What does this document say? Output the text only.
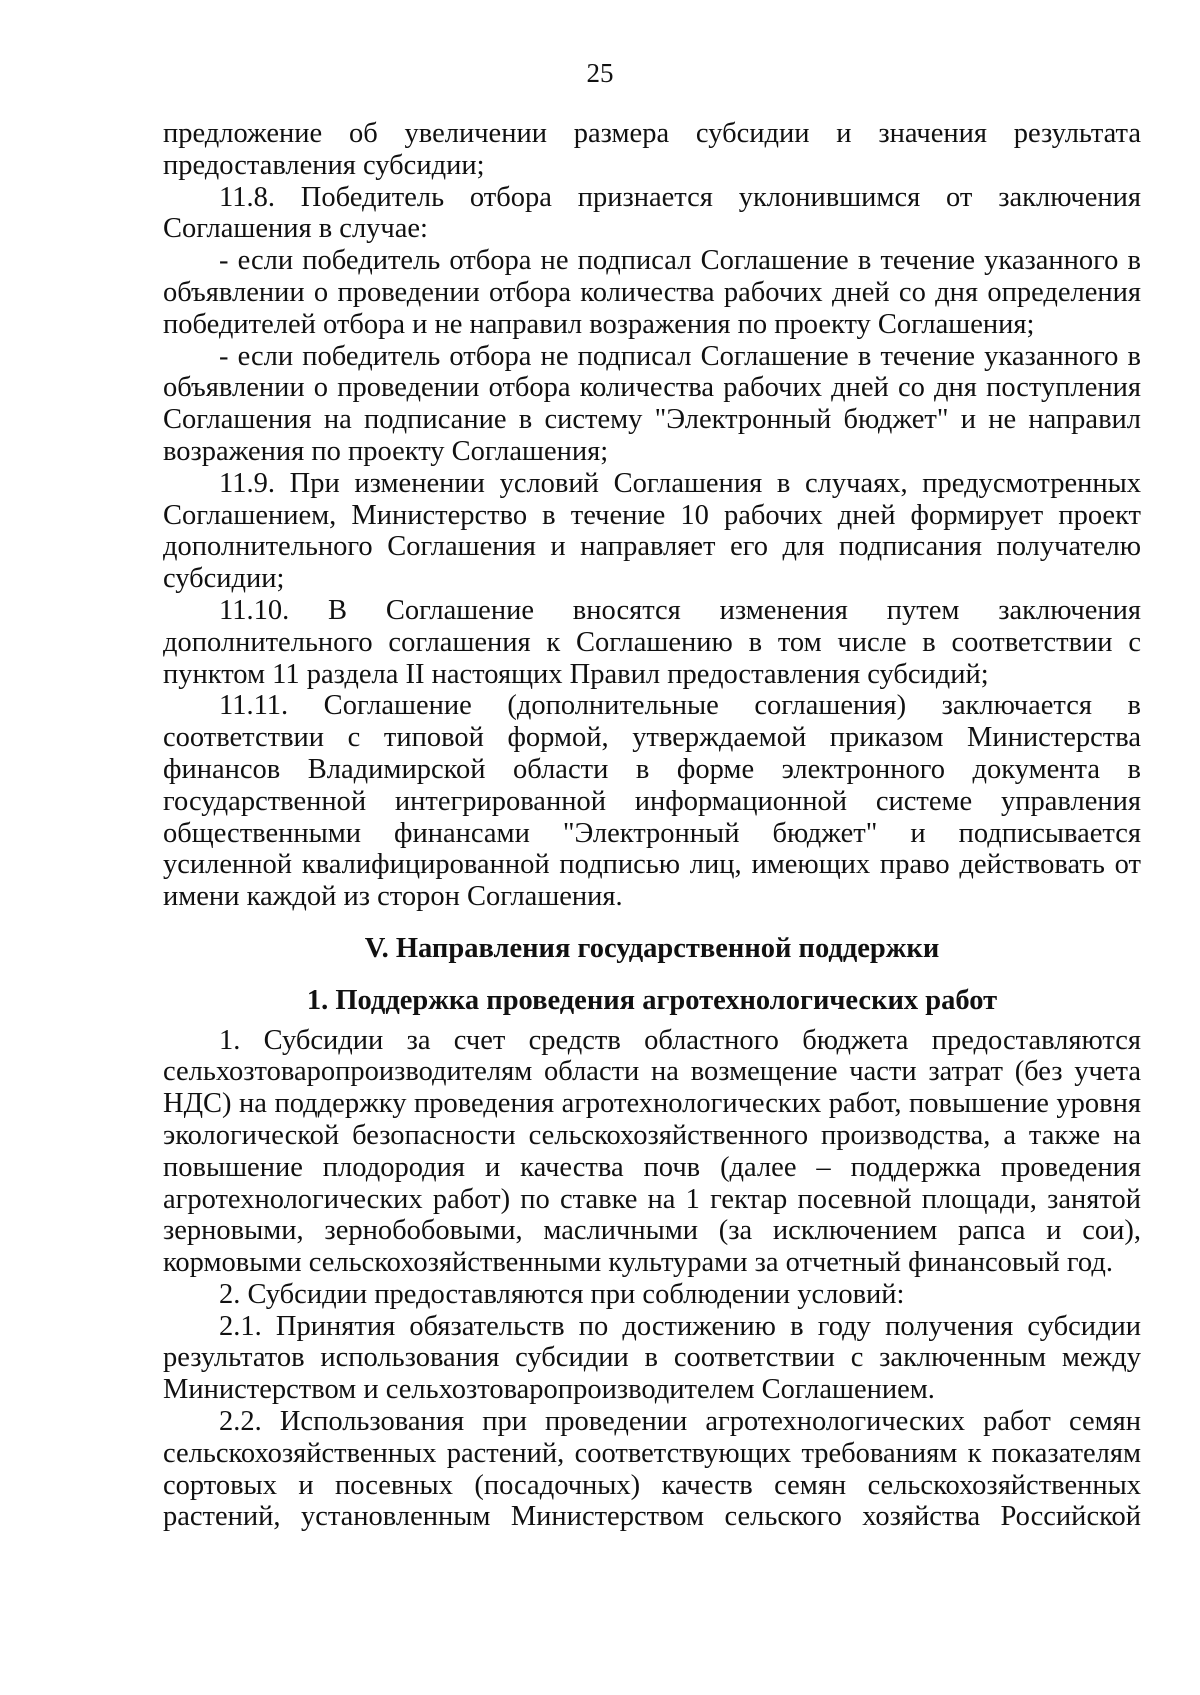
25

предложение об увеличении размера субсидии и значения результата предоставления субсидии;

11.8. Победитель отбора признается уклонившимся от заключения Соглашения в случае:

- если победитель отбора не подписал Соглашение в течение указанного в объявлении о проведении отбора количества рабочих дней со дня определения победителей отбора и не направил возражения по проекту Соглашения;

- если победитель отбора не подписал Соглашение в течение указанного в объявлении о проведении отбора количества рабочих дней со дня поступления Соглашения на подписание в систему "Электронный бюджет" и не направил возражения по проекту Соглашения;

11.9. При изменении условий Соглашения в случаях, предусмотренных Соглашением, Министерство в течение 10 рабочих дней формирует проект дополнительного Соглашения и направляет его для подписания получателю субсидии;

11.10. В Соглашение вносятся изменения путем заключения дополнительного соглашения к Соглашению в том числе в соответствии с пунктом 11 раздела II настоящих Правил предоставления субсидий;

11.11. Соглашение (дополнительные соглашения) заключается в соответствии с типовой формой, утверждаемой приказом Министерства финансов Владимирской области в форме электронного документа в государственной интегрированной информационной системе управления общественными финансами "Электронный бюджет" и подписывается усиленной квалифицированной подписью лиц, имеющих право действовать от имени каждой из сторон Соглашения.

V. Направления государственной поддержки

1. Поддержка проведения агротехнологических работ

1. Субсидии за счет средств областного бюджета предоставляются сельхозтоваропроизводителям области на возмещение части затрат (без учета НДС) на поддержку проведения агротехнологических работ, повышение уровня экологической безопасности сельскохозяйственного производства, а также на повышение плодородия и качества почв (далее – поддержка проведения агротехнологических работ) по ставке на 1 гектар посевной площади, занятой зерновыми, зернобобовыми, масличными (за исключением рапса и сои), кормовыми сельскохозяйственными культурами за отчетный финансовый год.

2. Субсидии предоставляются при соблюдении условий:

2.1. Принятия обязательств по достижению в году получения субсидии результатов использования субсидии в соответствии с заключенным между Министерством и сельхозтоваропроизводителем Соглашением.

2.2. Использования при проведении агротехнологических работ семян сельскохозяйственных растений, соответствующих требованиям к показателям сортовых и посевных (посадочных) качеств семян сельскохозяйственных растений, установленным Министерством сельского хозяйства Российской
